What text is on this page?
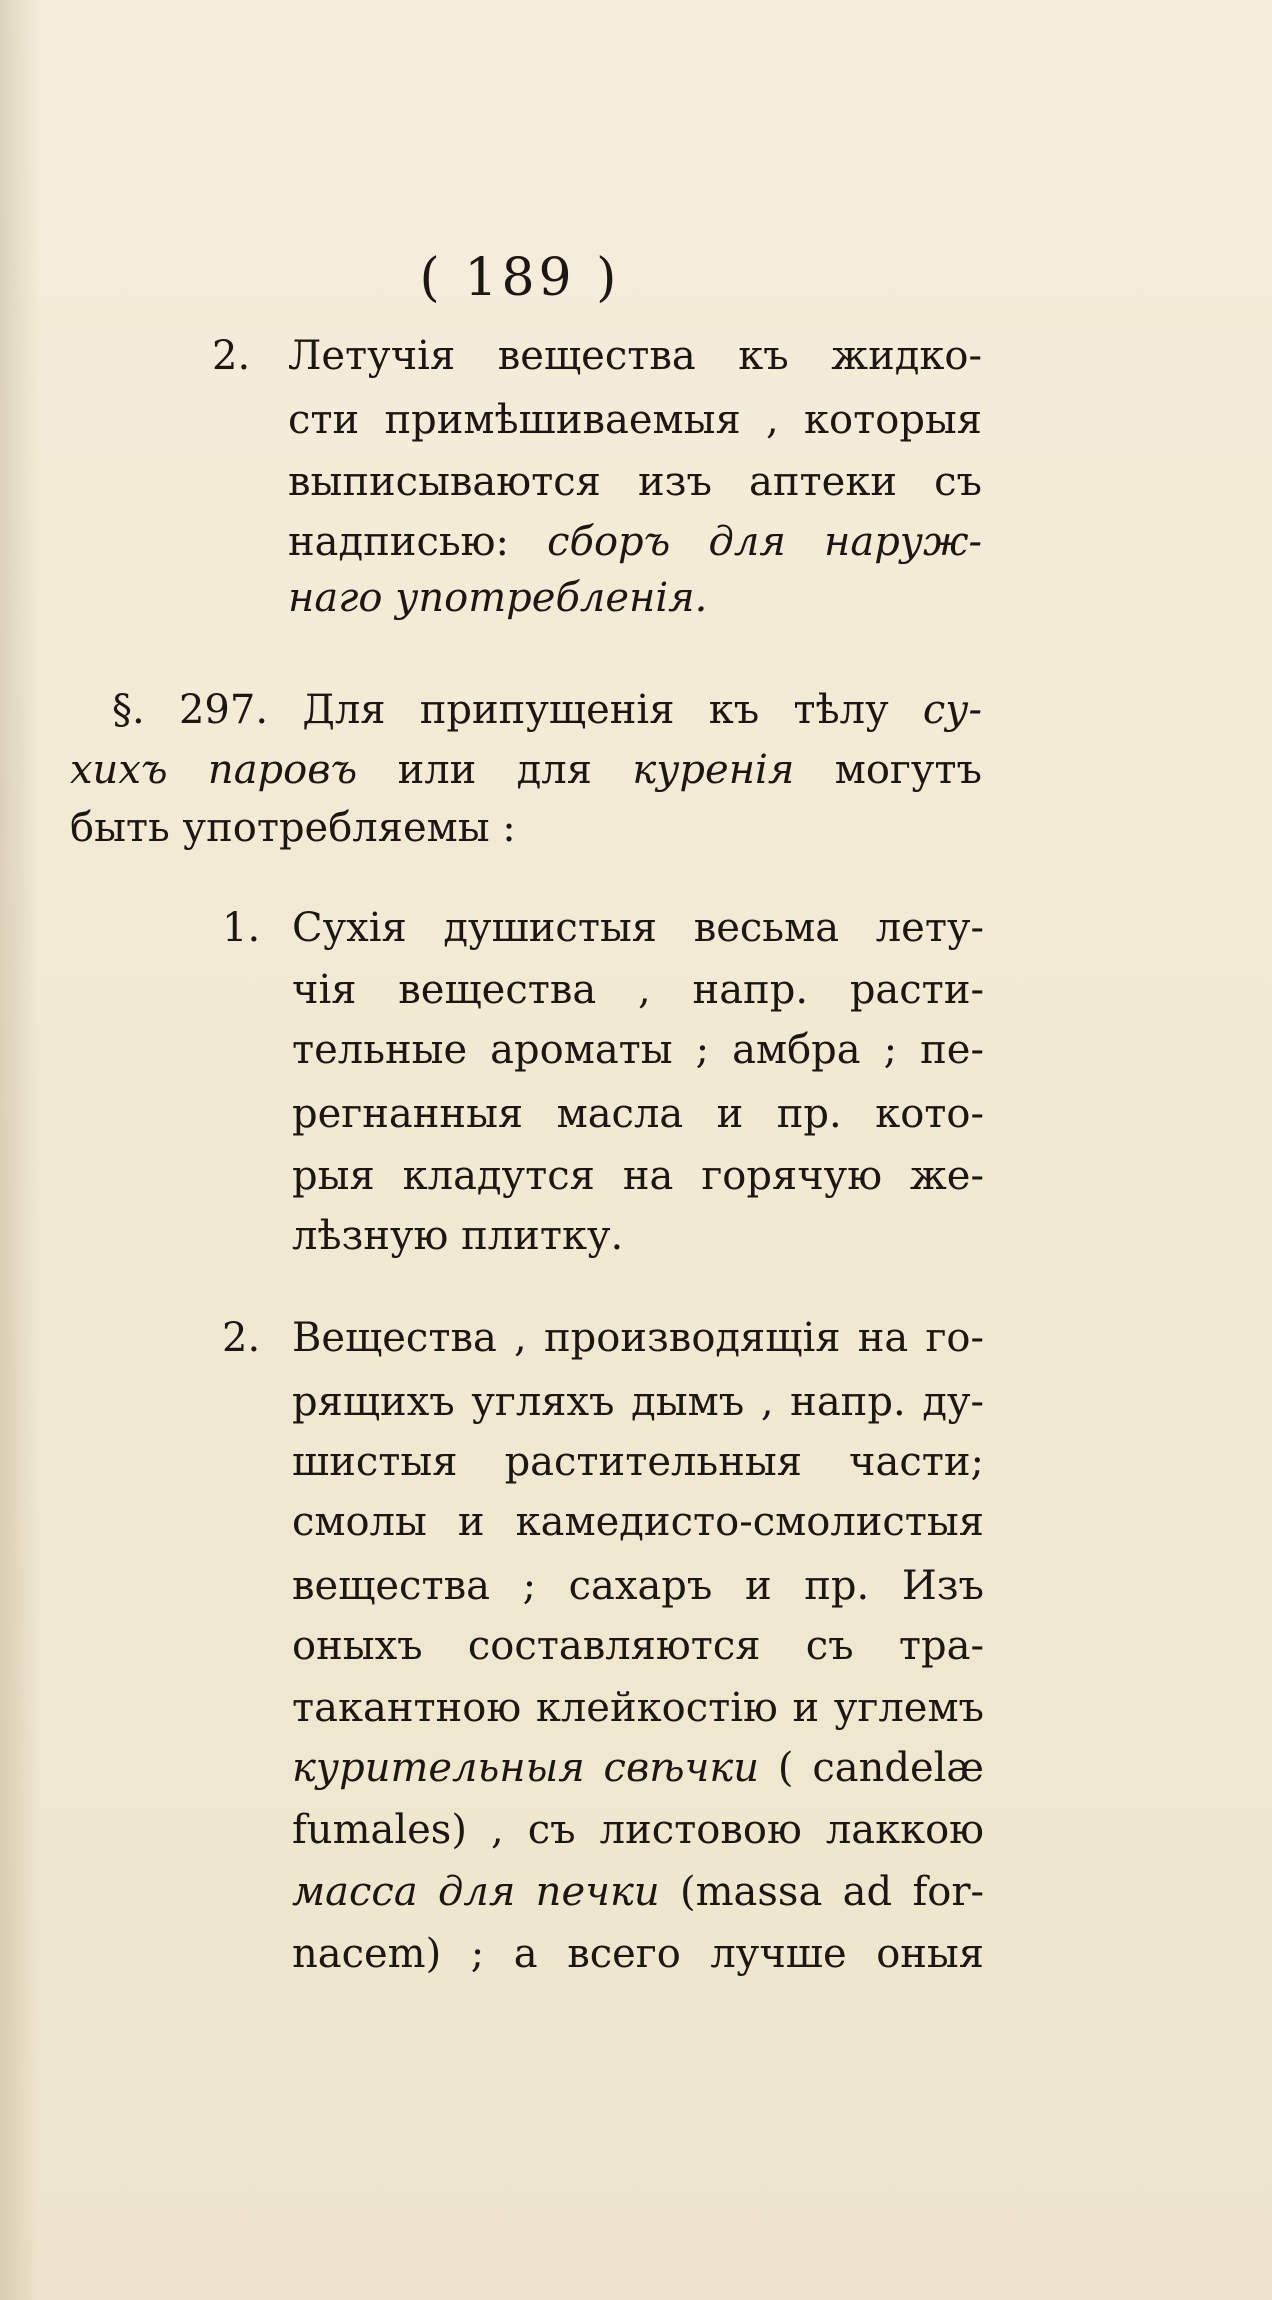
( 189 )
2. Летучія вещества къ жидко-
сти примѣшиваемыя , которыя
выписываются изъ аптеки съ
надписью: сборъ для наруж-
наго употребленія.
§. 297. Для припущенія къ тѣлу су-
хихъ паровъ или для куренія могутъ
быть употребляемы :
1. Сухія душистыя весьма лету-
чія вещества , напр. расти-
тельные ароматы ; амбра ; пе-
регнанныя масла и пр. кото-
рыя кладутся на горячую же-
лѣзную плитку.
2. Вещества , производящія на го-
рящихъ угляхъ дымъ , напр. ду-
шистыя растительныя части;
смолы и камедисто-смолистыя
вещества ; сахаръ и пр. Изъ
оныхъ составляются съ тра-
такантною клейкостію и углемъ
курительныя свѣчки ( candelæ
fumales) , съ листовою лаккою
масса для печки (massa ad for-
nacem) ; а всего лучше оныя
